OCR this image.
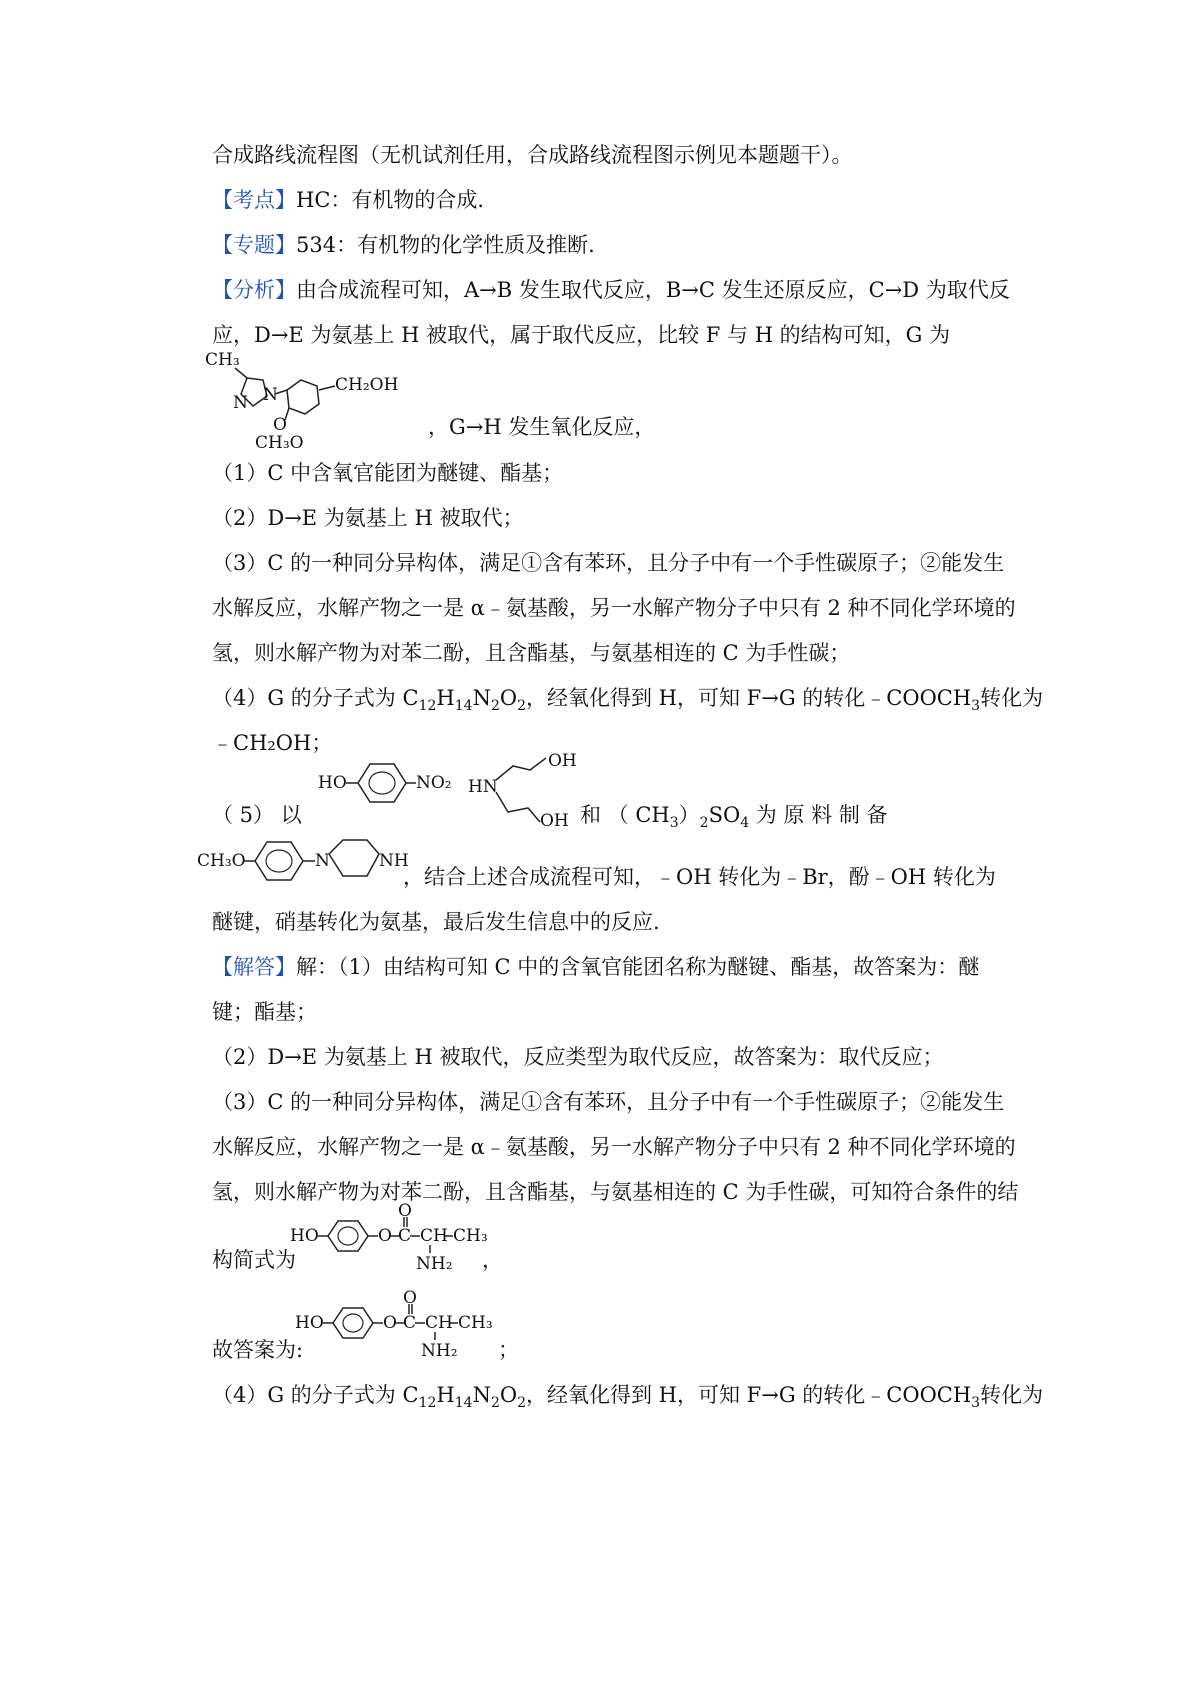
合成路线流程图（无机试剂任用，合成路线流程图示例见本题题干）。
【考点】HC：有机物的合成.
【专题】534：有机物的化学性质及推断.
【分析】由合成流程可知，A→B 发生取代反应，B→C 发生还原反应，C→D 为取代反
应，D→E 为氨基上 H 被取代，属于取代反应，比较 F 与 H 的结构可知，G 为
CH₃
N
N
CH₂OH
O
CH₃O
，G→H 发生氧化反应，
（1）C 中含氧官能团为醚键、酯基；
（2）D→E 为氨基上 H 被取代；
（3）C 的一种同分异构体，满足①含有苯环，且分子中有一个手性碳原子；②能发生
水解反应，水解产物之一是 α﹣氨基酸，另一水解产物分子中只有 2 种不同化学环境的
氢，则水解产物为对苯二酚，且含酯基，与氨基相连的 C 为手性碳；
（4）G 的分子式为 $C_{12}H_{14}N_2O_2$，经氧化得到 H，可知 F→G 的转化$﹣COOCH_3$转化为
﹣CH₂OH；
HO	NO₂ HN
OH
OH
（ 5） 以	和 （ $CH_3)_2SO_4$ 为 原 料 制 备
CH₃O	N	NH
，结合上述合成流程可知，﹣OH 转化为﹣Br，酚﹣OH 转化为
醚键，硝基转化为氨基，最后发生信息中的反应.
【解答】解：（1）由结构可知 C 中的含氧官能团名称为醚键、酯基，故答案为：醚
键；酯基；
（2）D→E 为氨基上 H 被取代，反应类型为取代反应，故答案为：取代反应；
（3）C 的一种同分异构体，满足①含有苯环，且分子中有一个手性碳原子；②能发生
水解反应，水解产物之一是 α﹣氨基酸，另一水解产物分子中只有 2 种不同化学环境的
氢，则水解产物为对苯二酚，且含酯基，与氨基相连的 C 为手性碳，可知符合条件的结
HO	O C
O
CH CH₃
NH₂
构简式为	，
HO	O C
O
CH CH₃
NH₂
故答案为:	；
（4）G 的分子式为 $C_{12}H_{14}N_2O_2$，经氧化得到 H，可知 F→G 的转化$﹣COOCH_3$转化为
